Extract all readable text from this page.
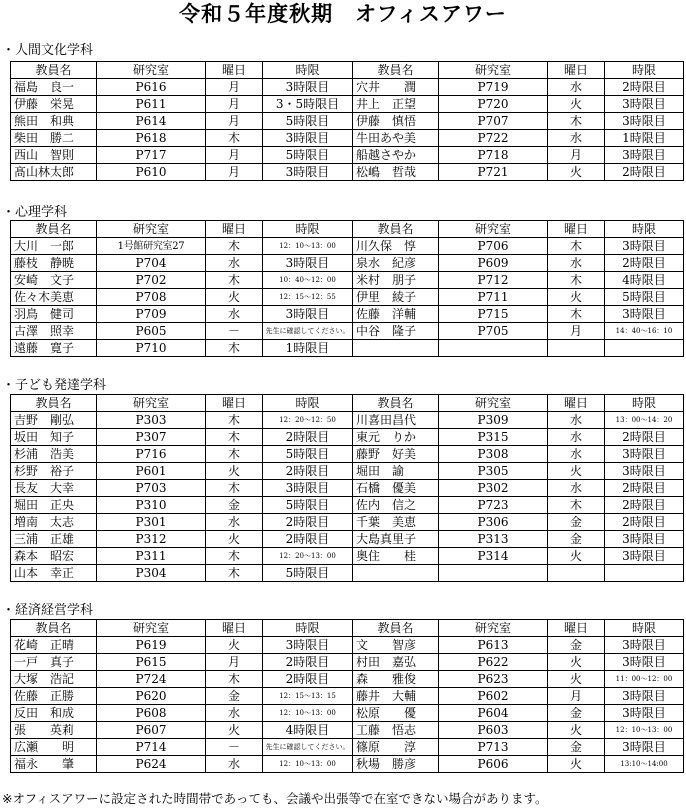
令和５年度秋期　オフィスアワー
・人間文化学科
教員名	研究室	曜日	時限	教員名	研究室	曜日	時限
福島　良一	P616	月	3時限目	穴井　　潤	P719	水	2時限目
伊藤　栄晃	P611	月	3・5時限目	井上　正望	P720	火	3時限目
熊田　和典	P614	月	5時限目	伊藤　慎悟	P707	木	3時限目
柴田　勝二	P618	木	3時限目	牛田あや美	P722	水	1時限目
西山　智則	P717	月	5時限目	船越さやか	P718	月	3時限目
髙山林太郎	P610	月	3時限目	松嶋　哲哉	P721	火	2時限目
・心理学科
教員名	研究室	曜日	時限	教員名	研究室	曜日	時限
大川　一郎	1号館研究室27	木	12：10～13：00	川久保　惇	P706	木	3時限目
藤枝　静暁	P704	水	3時限目	泉水　紀彦	P609	水	2時限目
安崎　文子	P702	木	10：40～12：00	米村　朋子	P712	木	4時限目
佐々木美恵	P708	火	12：15～12：55	伊里　綾子	P711	火	5時限目
羽鳥　健司	P709	水	3時限目	佐藤　洋輔	P715	木	3時限目
古澤　照幸	P605	－	先生に確認してください。	中谷　隆子	P705	月	14：40～16：10
遠藤　寛子	P710	木	1時限目				
・子ども発達学科
教員名	研究室	曜日	時限	教員名	研究室	曜日	時限
吉野　剛弘	P303	木	12：20～12：50	川喜田昌代	P309	水	13：00～14：20
坂田　知子	P307	木	2時限目	東元　りか	P315	水	2時限目
杉浦　浩美	P716	木	5時限目	藤野　好美	P308	水	3時限目
杉野　裕子	P601	火	2時限目	堀田　諭	P305	火	3時限目
長友　大幸	P703	木	3時限目	石橋　優美	P302	水	2時限目
堀田　正央	P310	金	5時限目	佐内　信之	P723	木	2時限目
増南　太志	P301	水	2時限目	千葉　美恵	P306	金	2時限目
三浦　正雄	P312	火	2時限目	大島真里子	P313	金	3時限目
森本　昭宏	P311	木	12：20～13：00	奥住　　桂	P314	火	3時限目
山本　幸正	P304	木	5時限目				
・経済経営学科
教員名	研究室	曜日	時限	教員名	研究室	曜日	時限
花崎　正晴	P619	火	3時限目	文　　智彦	P613	金	3時限目
一戸　真子	P615	月	2時限目	村田　嘉弘	P622	火	3時限目
大塚　浩記	P724	木	2時限目	森　　雅俊	P623	火	11：00～12：00
佐藤　正勝	P620	金	12：15～13：15	藤井　大輔	P602	月	3時限目
反田　和成	P608	水	12：10～13：00	松原　　優	P604	金	3時限目
張　　英莉	P607	火	4時限目	工藤　悟志	P603	火	12：10～13：00
広瀬　　明	P714	－	先生に確認してください。	篠原　　淳	P713	金	3時限目
福永　　肇	P624	水	12：10～13：00	秋場　勝彦	P606	火	13:10～14:00
※オフィスアワーに設定された時間帯であっても、会議や出張等で在室できない場合があります。
